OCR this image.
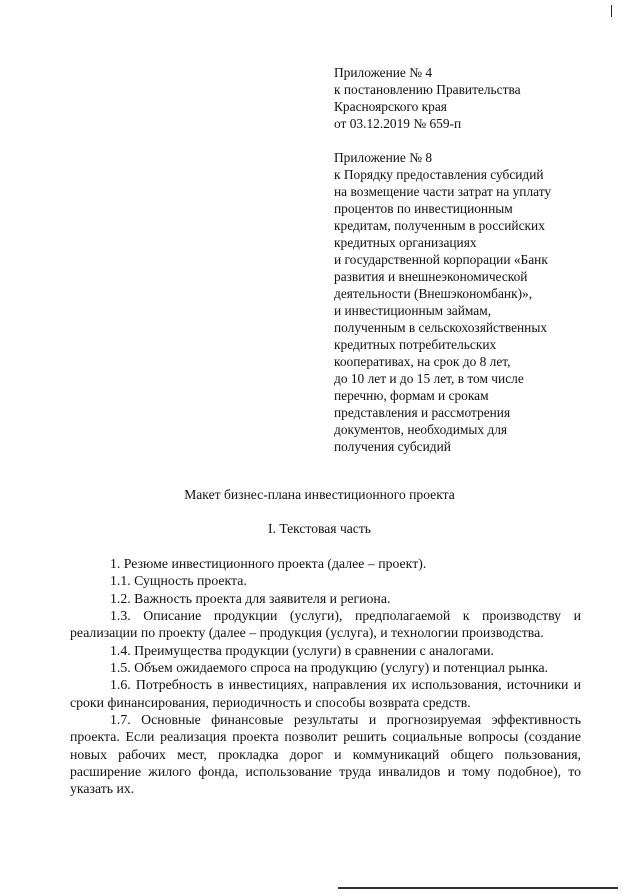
Приложение № 4
к постановлению Правительства
Красноярского края
от 03.12.2019 № 659-п
Приложение № 8
к Порядку предоставления субсидий
на возмещение части затрат на уплату
процентов по инвестиционным
кредитам, полученным в российских
кредитных организациях
и государственной корпорации «Банк
развития и внешнеэкономической
деятельности (Внешэкономбанк)»,
и инвестиционным займам,
полученным в сельскохозяйственных
кредитных потребительских
кооперативах, на срок до 8 лет,
до 10 лет и до 15 лет, в том числе
перечню, формам и срокам
представления и рассмотрения
документов, необходимых для
получения субсидий
Макет бизнес-плана инвестиционного проекта
I. Текстовая часть

1. Резюме инвестиционного проекта (далее – проект).

1.1. Сущность проекта.

1.2. Важность проекта для заявителя и региона.

1.3. Описание продукции (услуги), предполагаемой к производству и реализации по проекту (далее – продукция (услуга), и технологии производства.

1.4. Преимущества продукции (услуги) в сравнении с аналогами.

1.5. Объем ожидаемого спроса на продукцию (услугу) и потенциал рынка.

1.6. Потребность в инвестициях, направления их использования, источники и сроки финансирования, периодичность и способы возврата средств.

1.7. Основные финансовые результаты и прогнозируемая эффективность проекта. Если реализация проекта позволит решить социальные вопросы (создание новых рабочих мест, прокладка дорог и коммуникаций общего пользования, расширение жилого фонда, использование труда инвалидов и тому подобное), то указать их.
